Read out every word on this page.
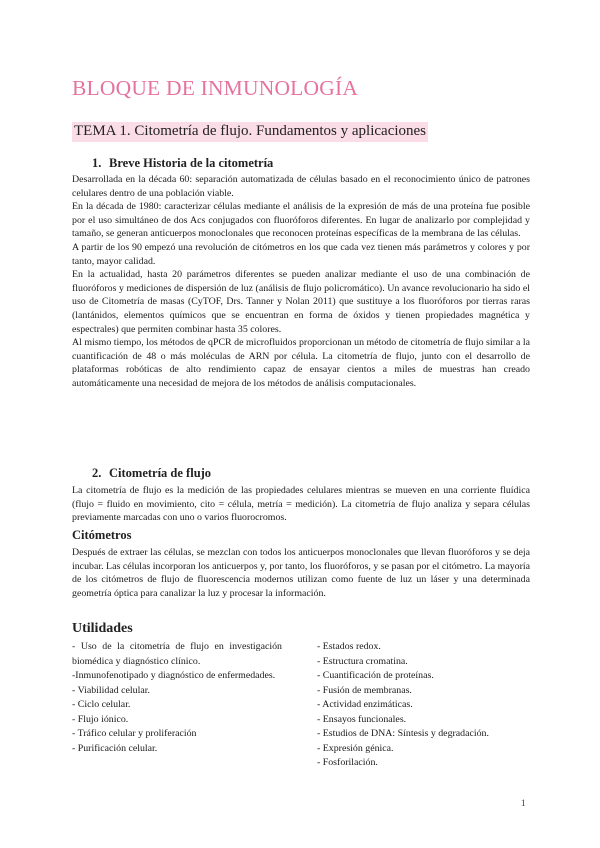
BLOQUE DE INMUNOLOGÍA
TEMA 1. Citometría de flujo. Fundamentos y aplicaciones
1. Breve Historia de la citometría

Desarrollada en la década 60: separación automatizada de células basado en el reconocimiento único de patrones celulares dentro de una población viable.

En la década de 1980: caracterizar células mediante el análisis de la expresión de más de una proteína fue posible por el uso simultáneo de dos Acs conjugados con fluoróforos diferentes. En lugar de analizarlo por complejidad y tamaño, se generan anticuerpos monoclonales que reconocen proteínas específicas de la membrana de las células.

A partir de los 90 empezó una revolución de citómetros en los que cada vez tienen más parámetros y colores y por tanto, mayor calidad.

En la actualidad, hasta 20 parámetros diferentes se pueden analizar mediante el uso de una combinación de fluoróforos y mediciones de dispersión de luz (análisis de flujo policromático). Un avance revolucionario ha sido el uso de Citometría de masas (CyTOF, Drs. Tanner y Nolan 2011) que sustituye a los fluoróforos por tierras raras (lantánidos, elementos químicos que se encuentran en forma de óxidos y tienen propiedades magnética y espectrales) que permiten combinar hasta 35 colores.

Al mismo tiempo, los métodos de qPCR de microfluidos proporcionan un método de citometría de flujo similar a la cuantificación de 48 o más moléculas de ARN por célula. La citometría de flujo, junto con el desarrollo de plataformas robóticas de alto rendimiento capaz de ensayar cientos a miles de muestras han creado automáticamente una necesidad de mejora de los métodos de análisis computacionales.

2. Citometría de flujo

La citometría de flujo es la medición de las propiedades celulares mientras se mueven en una corriente fluídica (flujo = fluido en movimiento, cito = célula, metría = medición). La citometría de flujo analiza y separa células previamente marcadas con uno o varios fluorocromos.

Citómetros

Después de extraer las células, se mezclan con todos los anticuerpos monoclonales que llevan fluoróforos y se deja incubar. Las células incorporan los anticuerpos y, por tanto, los fluoróforos, y se pasan por el citómetro. La mayoría de los citómetros de flujo de fluorescencia modernos utilizan como fuente de luz un láser y una determinada geometría óptica para canalizar la luz y procesar la información.

Utilidades

- Uso de la citometría de flujo en investigación biomédica y diagnóstico clínico.

-Inmunofenotipado y diagnóstico de enfermedades.

- Viabilidad celular.

- Ciclo celular.

- Flujo iónico.

- Tráfico celular y proliferación

- Purificación celular.

- Estados redox.

- Estructura cromatina.

- Cuantificación de proteínas.

- Fusión de membranas.

- Actividad enzimáticas.

- Ensayos funcionales.

- Estudios de DNA: Síntesis y degradación.

- Expresión génica.

- Fosforilación.

1
